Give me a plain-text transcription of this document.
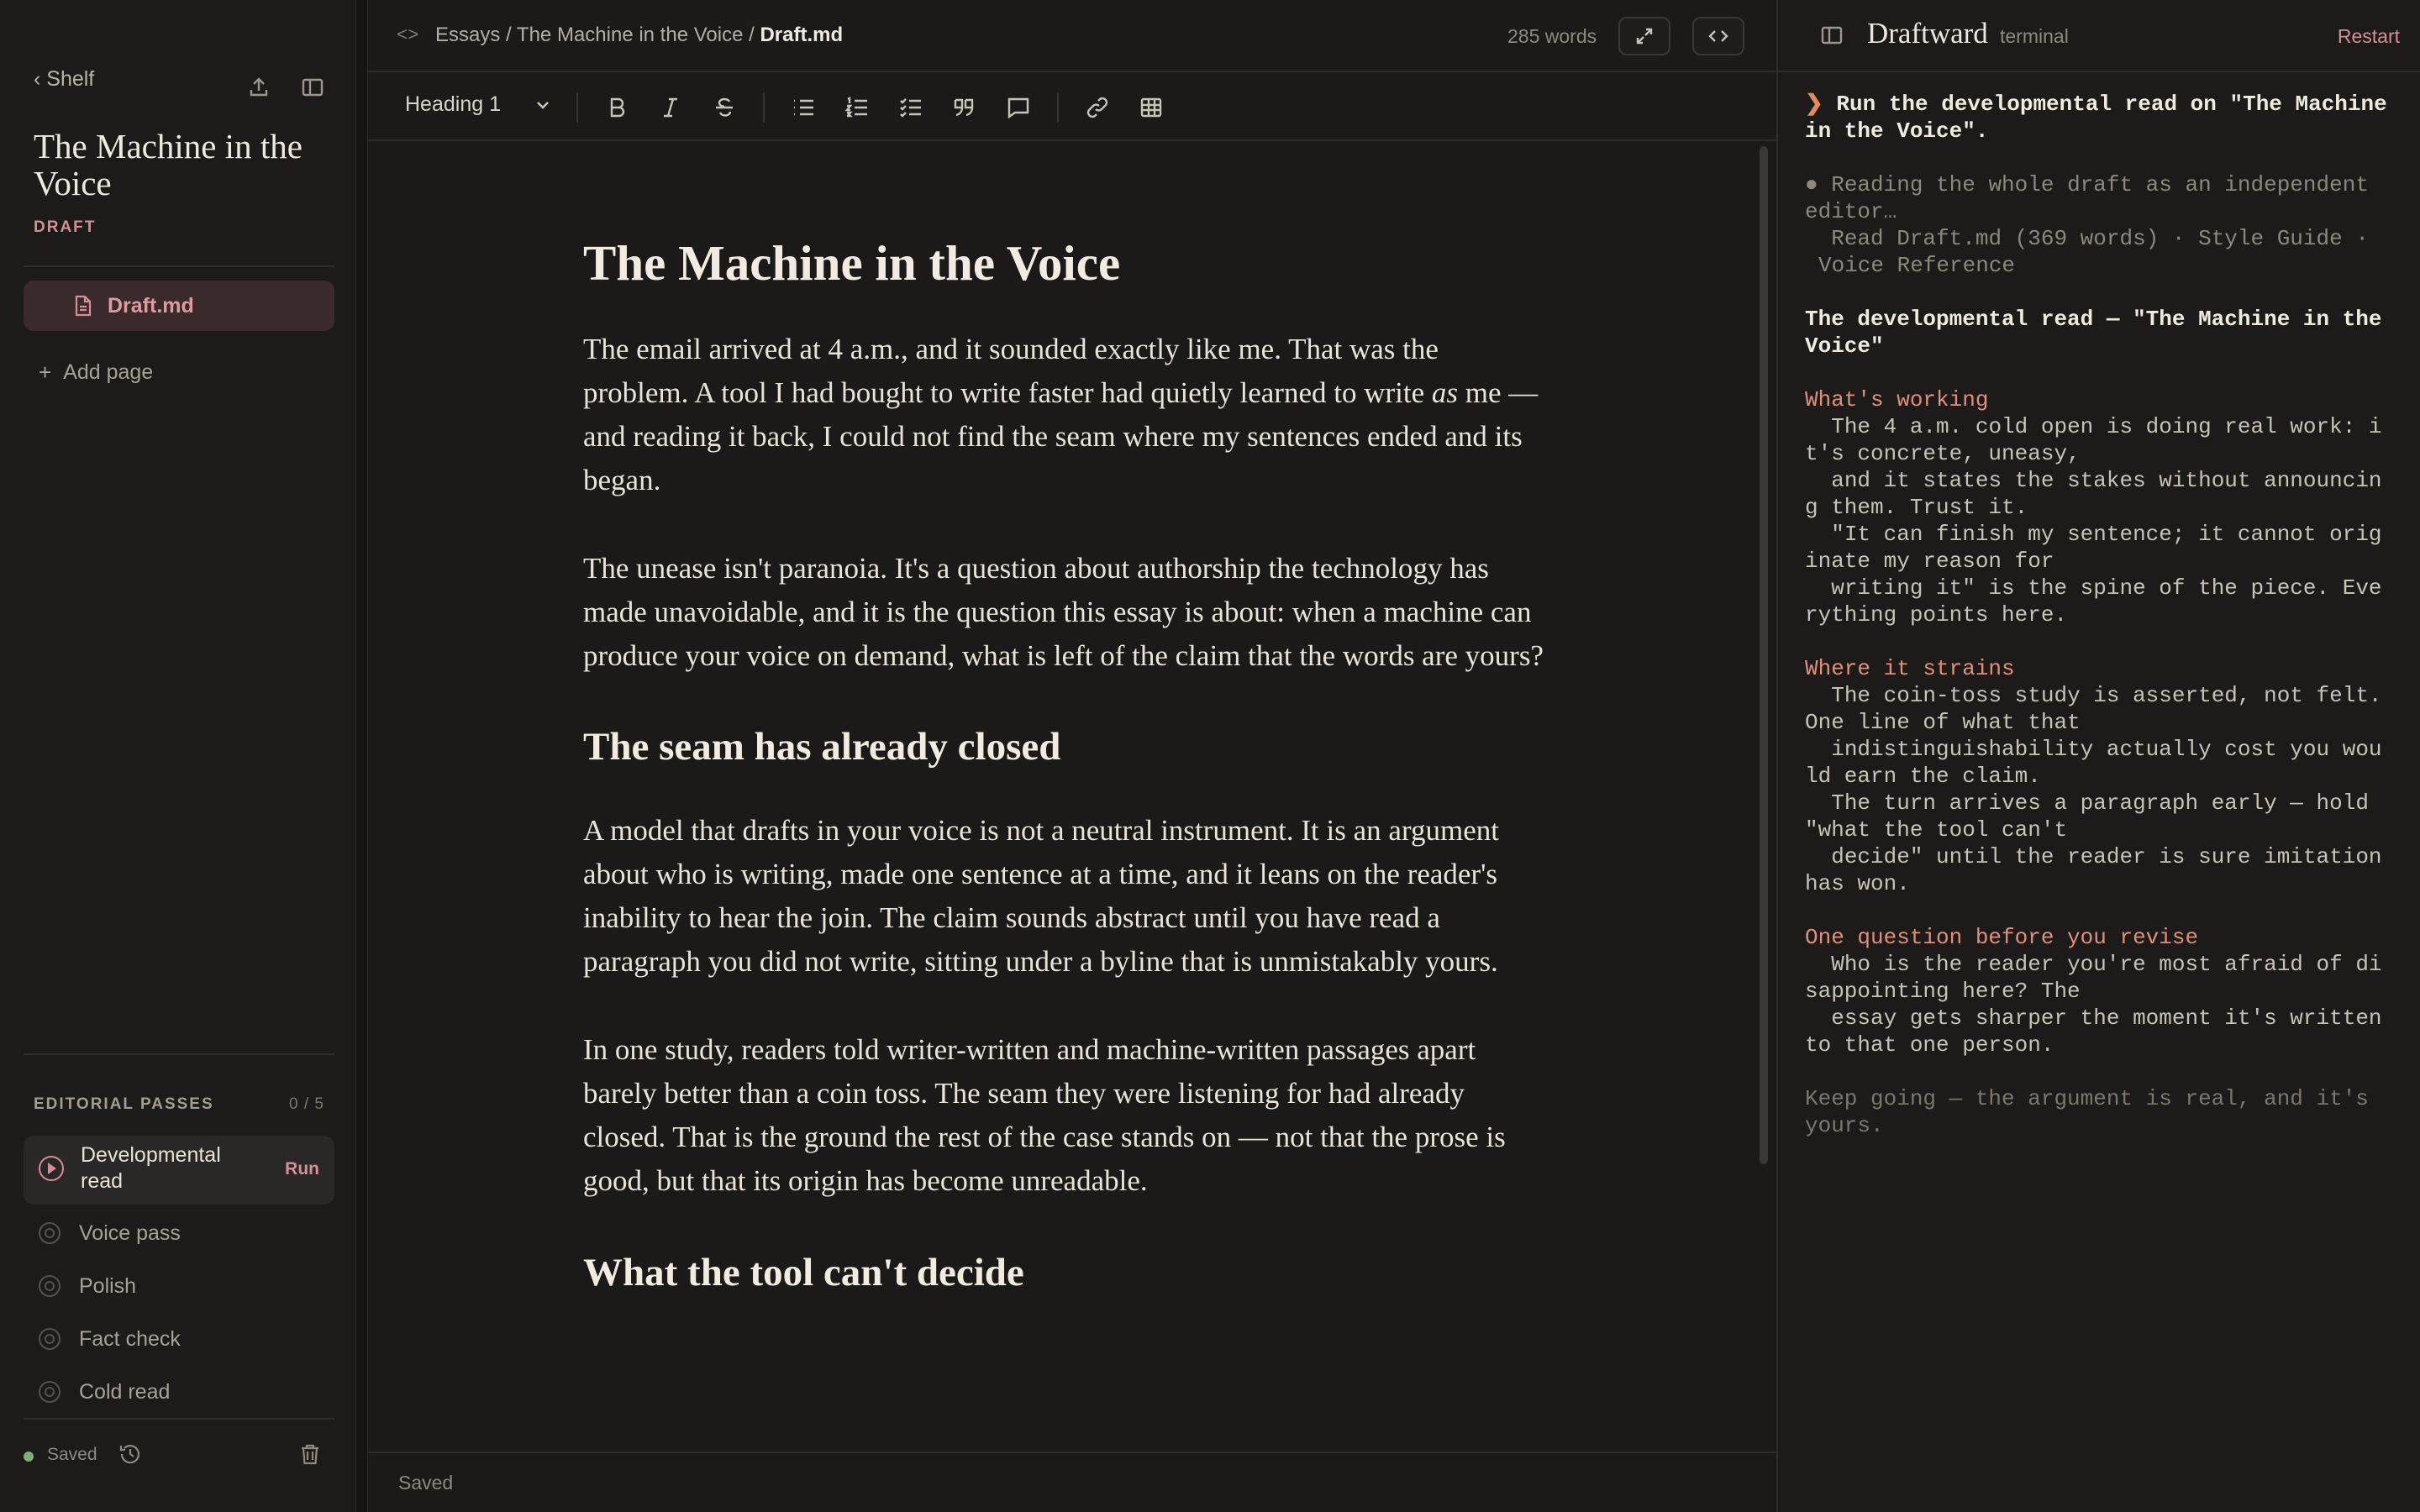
‹ Shelf
The Machine in the Voice
DRAFT
Draft.md
+ Add page
EDITORIAL PASSES	0 / 5
Developmental read
Run
Voice pass
Polish
Fact check
Cold read
Saved
<> Essays / The Machine in the Voice / Draft.md	285 words
Heading 1
The Machine in the Voice

The email arrived at 4 a.m., and it sounded exactly like me. That was the problem. A tool I had bought to write faster had quietly learned to write as me — and reading it back, I could not find the seam where my sentences ended and its began.

The unease isn't paranoia. It's a question about authorship the technology has made unavoidable, and it is the question this essay is about: when a machine can produce your voice on demand, what is left of the claim that the words are yours?

The seam has already closed

A model that drafts in your voice is not a neutral instrument. It is an argument about who is writing, made one sentence at a time, and it leans on the reader's inability to hear the join. The claim sounds abstract until you have read a paragraph you did not write, sitting under a byline that is unmistakably yours.

In one study, readers told writer-written and machine-written passages apart barely better than a coin toss. The seam they were listening for had already closed. That is the ground the rest of the case stands on — not that the prose is good, but that its origin has become unreadable.

What the tool can't decide
Saved
Draftward terminal	Restart
❯ Run the developmental read on "The Machine in the Voice".
● Reading the whole draft as an independent editor…
Read Draft.md (369 words) · Style Guide · Voice Reference
The developmental read — "The Machine in the Voice"
What's working
The 4 a.m. cold open is doing real work: it's concrete, uneasy,
and it states the stakes without announcing them. Trust it.
"It can finish my sentence; it cannot originate my reason for
writing it" is the spine of the piece. Everything points here.
Where it strains
The coin-toss study is asserted, not felt. One line of what that
indistinguishability actually cost you would earn the claim.
The turn arrives a paragraph early — hold "what the tool can't
decide" until the reader is sure imitation has won.
One question before you revise
Who is the reader you're most afraid of disappointing here? The
essay gets sharper the moment it's written to that one person.
Keep going — the argument is real, and it's yours.
